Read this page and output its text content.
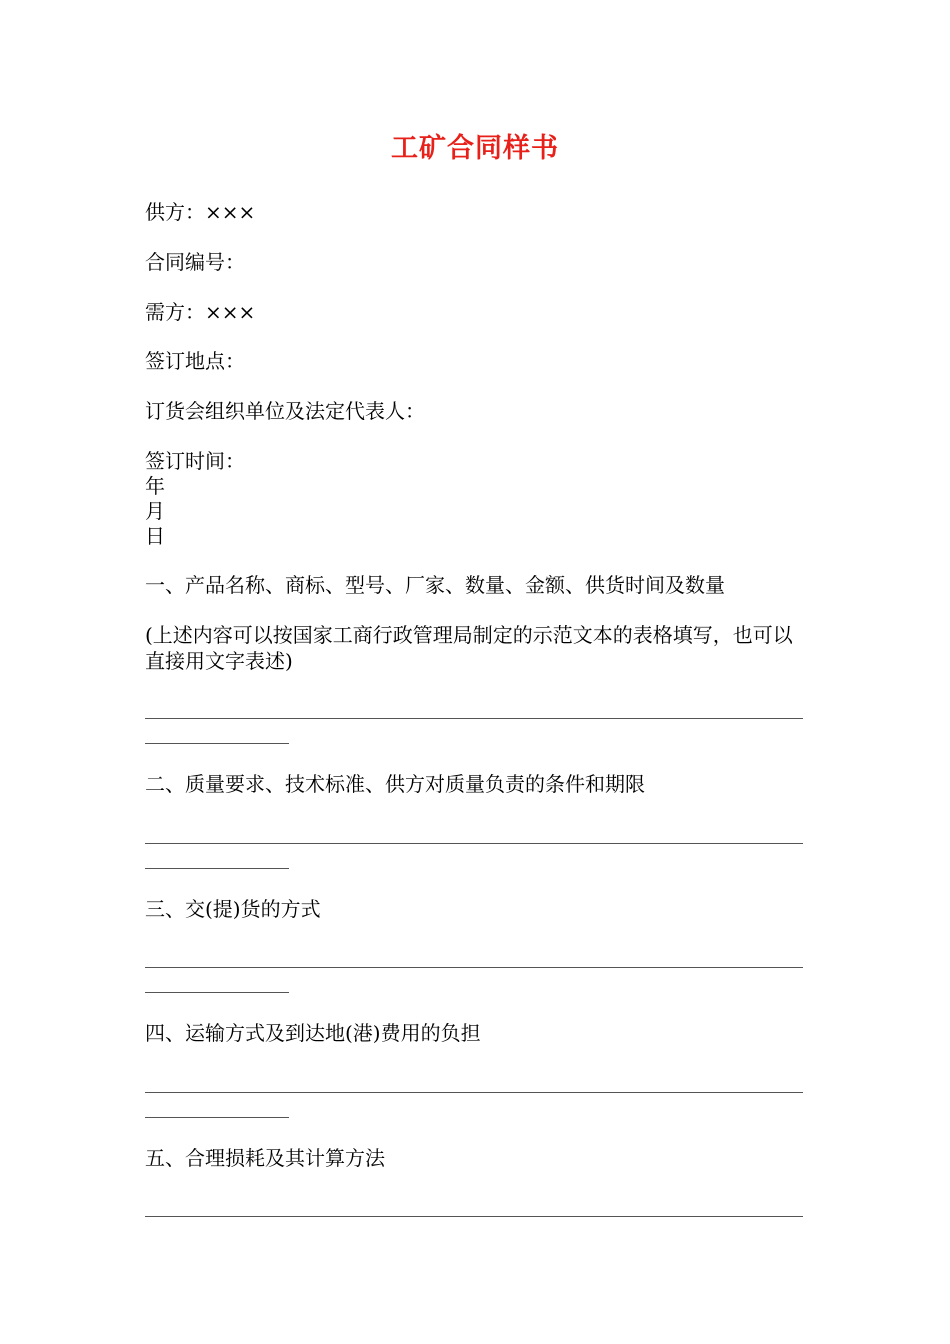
工矿合同样书
供方：×××
合同编号：
需方：×××
签订地点：
订货会组织单位及法定代表人：
签订时间：
年
月
日
一、产品名称、商标、型号、厂家、数量、金额、供货时间及数量
(上述内容可以按国家工商行政管理局制定的示范文本的表格填写，也可以直接用文字表述)
二、质量要求、技术标准、供方对质量负责的条件和期限
三、交(提)货的方式
四、运输方式及到达地(港)费用的负担
五、合理损耗及其计算方法
